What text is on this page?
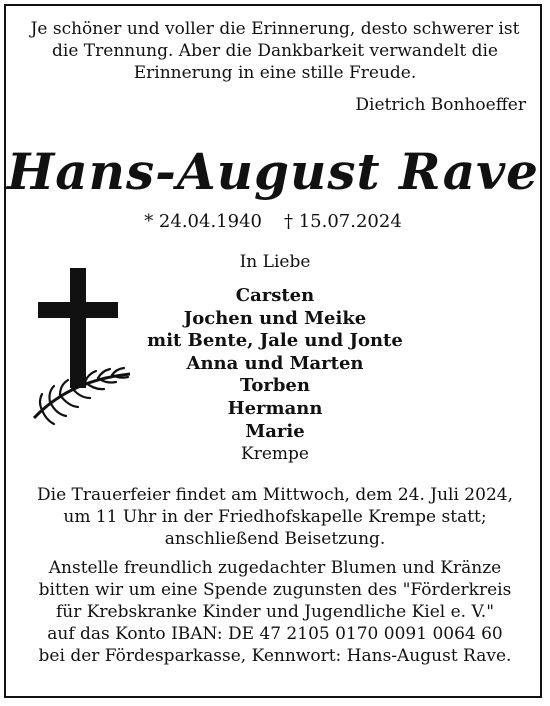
Je schöner und voller die Erinnerung, desto schwerer ist
die Trennung. Aber die Dankbarkeit verwandelt die
Erinnerung in eine stille Freude.
Dietrich Bonhoeffer
Hans-August Rave
* 24.04.1940 † 15.07.2024
In Liebe
Carsten
Jochen und Meike
mit Bente, Jale und Jonte
Anna und Marten
Torben
Hermann
Marie
Krempe
Die Trauerfeier findet am Mittwoch, dem 24. Juli 2024,
um 11 Uhr in der Friedhofskapelle Krempe statt;
anschließend Beisetzung.
Anstelle freundlich zugedachter Blumen und Kränze
bitten wir um eine Spende zugunsten des "Förderkreis
für Krebskranke Kinder und Jugendliche Kiel e. V."
auf das Konto IBAN: DE 47 2105 0170 0091 0064 60
bei der Fördesparkasse, Kennwort: Hans-August Rave.
